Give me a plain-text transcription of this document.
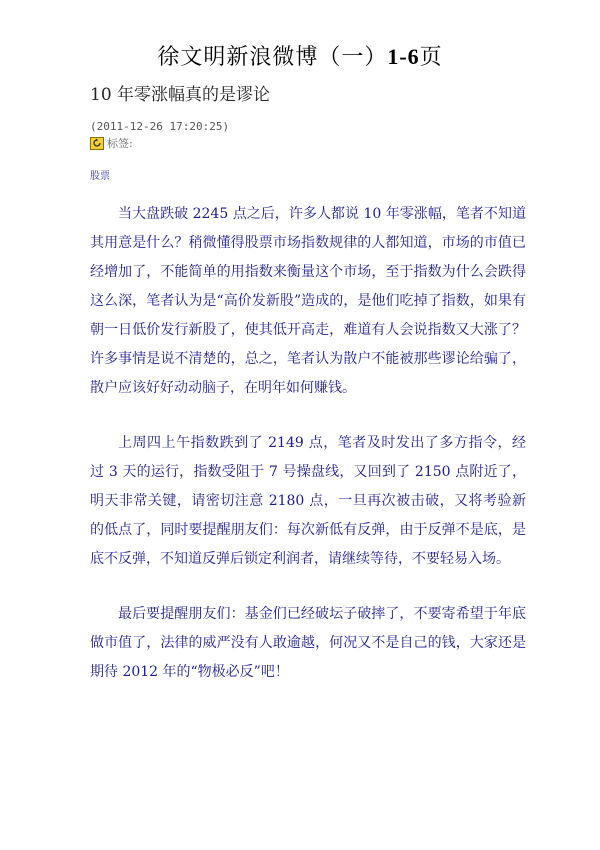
徐文明新浪微博（一）1-6页
10 年零涨幅真的是谬论
(2011-12-26 17:20:25)
标签:
股票

当大盘跌破 2245 点之后，许多人都说 10 年零涨幅，笔者不知道其用意是什么？稍微懂得股票市场指数规律的人都知道，市场的市值已经增加了，不能简单的用指数来衡量这个市场，至于指数为什么会跌得这么深，笔者认为是“高价发新股”造成的，是他们吃掉了指数，如果有朝一日低价发行新股了，使其低开高走，难道有人会说指数又大涨了？许多事情是说不清楚的，总之，笔者认为散户不能被那些谬论给骗了，散户应该好好动动脑子，在明年如何赚钱。

上周四上午指数跌到了 2149 点，笔者及时发出了多方指令，经过 3 天的运行，指数受阻于 7 号操盘线，又回到了 2150 点附近了，明天非常关键，请密切注意 2180 点，一旦再次被击破，又将考验新的低点了，同时要提醒朋友们：每次新低有反弹，由于反弹不是底，是底不反弹，不知道反弹后锁定利润者，请继续等待，不要轻易入场。

最后要提醒朋友们：基金们已经破坛子破摔了，不要寄希望于年底做市值了，法律的威严没有人敢逾越，何况又不是自己的钱，大家还是期待 2012 年的“物极必反”吧！
